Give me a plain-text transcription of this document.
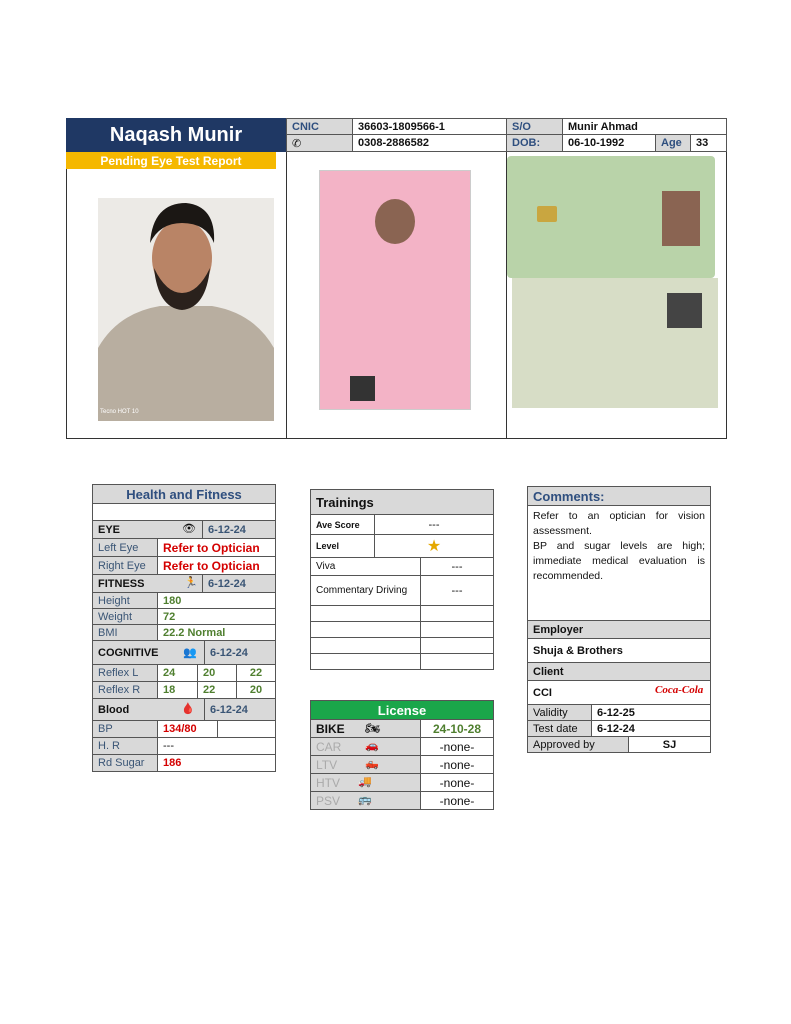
Naqash Munir
Pending Eye Test Report
Tecno HOT 10
CNIC	36603-1809566-1
✆	0308-2886582
S/O	Munir Ahmad
DOB:	06-10-1992	Age	33
Health and Fitness
EYE	👁	6-12-24
Left Eye	Refer to Optician
Right Eye	Refer to Optician
FITNESS	🏃 6-12-24
Height	180
Weight	72
BMI	22.2 Normal
COGNITIVE	👥	6-12-24
Reflex L	24	20	22
Reflex R	18	22	20
Blood	🩸	6-12-24
BP	134/80
H. R	---
Rd Sugar	186
Trainings
Ave Score	---
Level	★
Viva	---
Commentary Driving	---
License
BIKE	🏍	24-10-28
CAR	🚗	-none-
LTV	🛻	-none-
HTV	🚚	-none-
PSV	🚌	-none-
Comments:
Refer to an optician for vision assessment.
BP and sugar levels are high; immediate medical evaluation is recommended.
Employer
Shuja & Brothers
Client
CCI	Coca-Cola
Validity	6-12-25
Test date	6-12-24
Approved by	SJ
